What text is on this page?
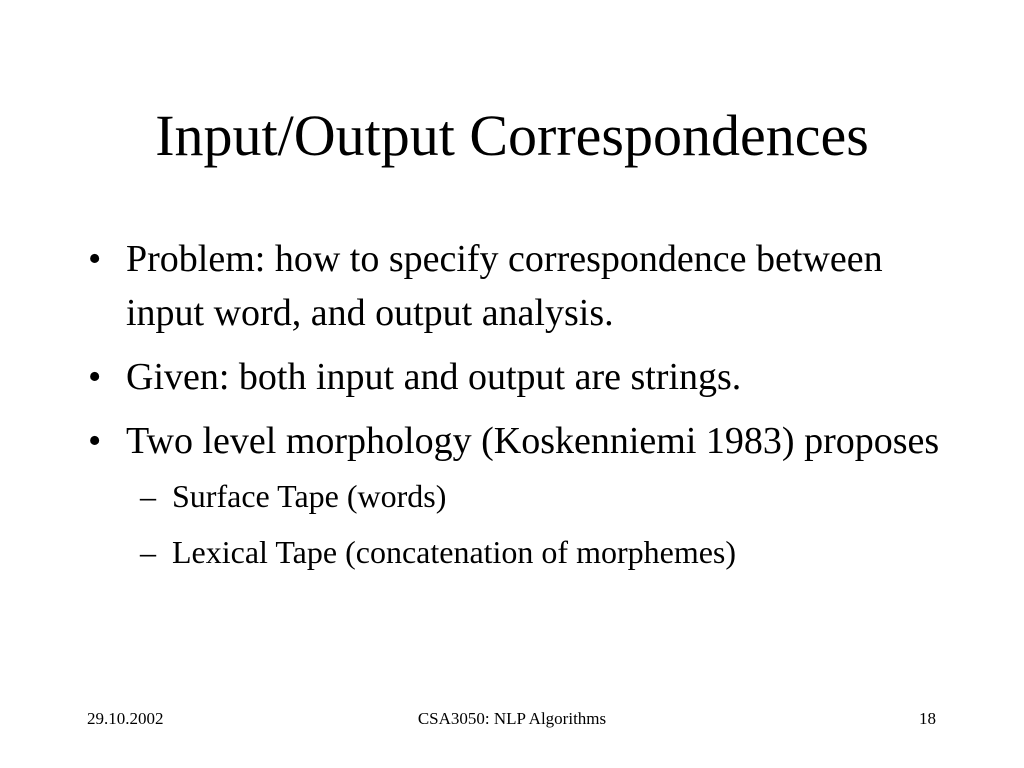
Input/Output Correspondences
• Problem: how to specify correspondence between input word, and output analysis.
• Given: both input and output are strings.
• Two level morphology (Koskenniemi 1983) proposes
– Surface Tape (words)
– Lexical Tape (concatenation of morphemes)
CSA3050: NLP Algorithms
29.10.2002	18
